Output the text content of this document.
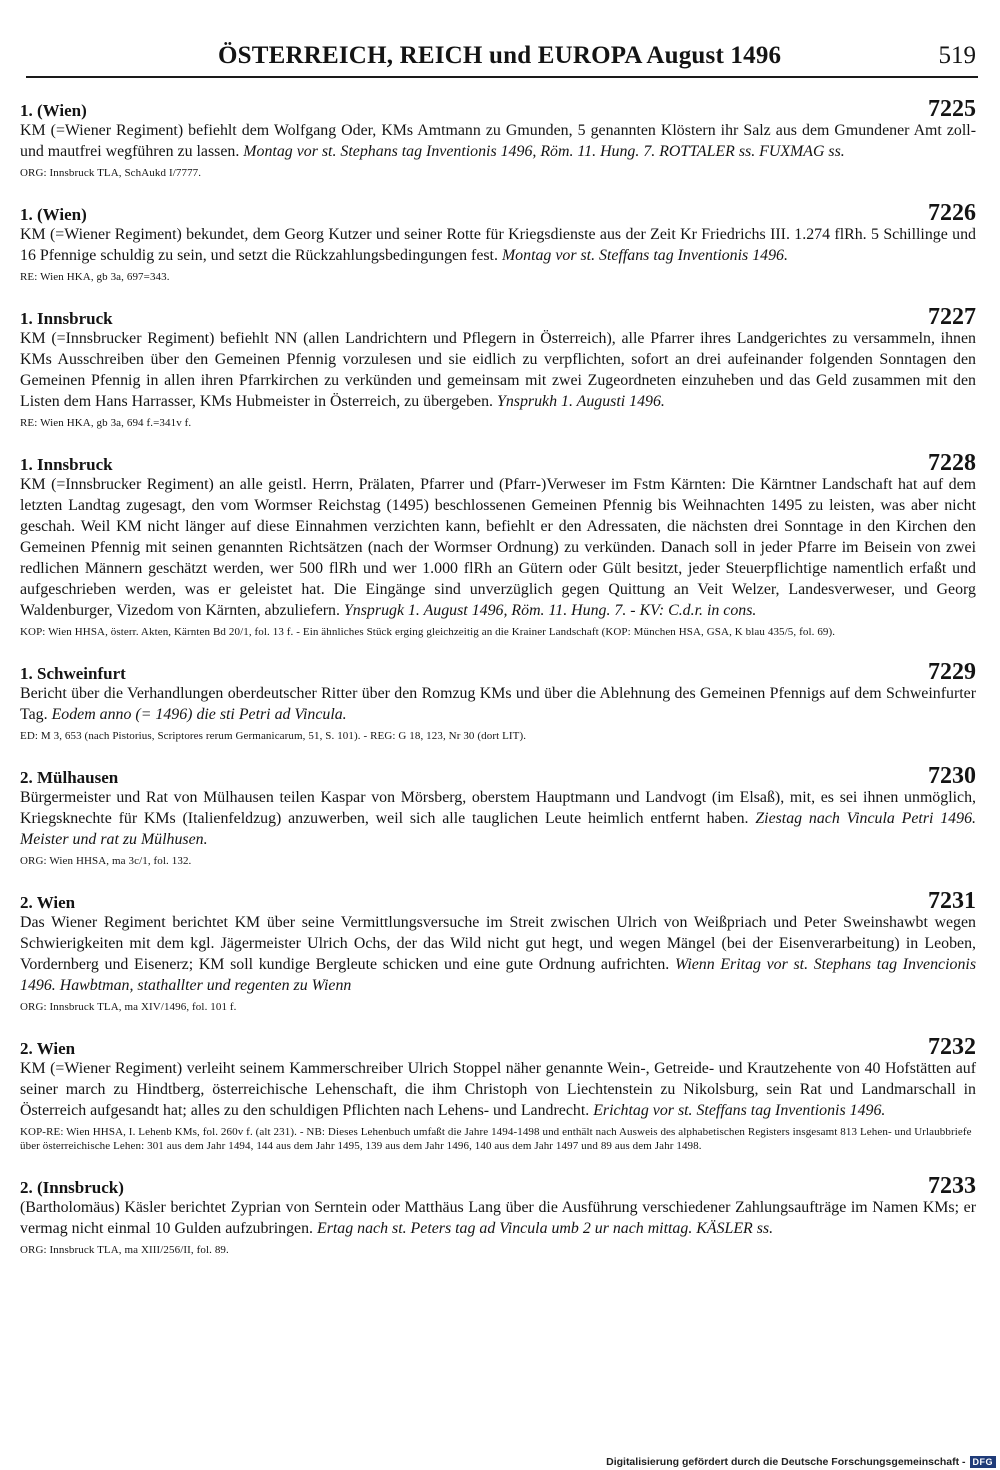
ÖSTERREICH, REICH und EUROPA August 1496	519
1. (Wien)	7225

KM (=Wiener Regiment) befiehlt dem Wolfgang Oder, KMs Amtmann zu Gmunden, 5 genannten Klöstern ihr Salz aus dem Gmundener Amt zoll- und mautfrei wegführen zu lassen. Montag vor st. Stephans tag Inventionis 1496, Röm. 11. Hung. 7. ROTTALER ss. FUXMAG ss.

ORG: Innsbruck TLA, SchAukd I/7777.
1. (Wien)	7226

KM (=Wiener Regiment) bekundet, dem Georg Kutzer und seiner Rotte für Kriegsdienste aus der Zeit Kr Friedrichs III. 1.274 flRh. 5 Schillinge und 16 Pfennige schuldig zu sein, und setzt die Rückzahlungsbedingungen fest. Montag vor st. Steffans tag Inventionis 1496.

RE: Wien HKA, gb 3a, 697=343.
1. Innsbruck	7227

KM (=Innsbrucker Regiment) befiehlt NN (allen Landrichtern und Pflegern in Österreich), alle Pfarrer ihres Landgerichtes zu versammeln, ihnen KMs Ausschreiben über den Gemeinen Pfennig vorzulesen und sie eidlich zu verpflichten, sofort an drei aufeinander folgenden Sonntagen den Gemeinen Pfennig in allen ihren Pfarrkirchen zu verkünden und gemeinsam mit zwei Zugeordneten einzuheben und das Geld zusammen mit den Listen dem Hans Harrasser, KMs Hubmeister in Österreich, zu übergeben. Ynsprukh 1. Augusti 1496.

RE: Wien HKA, gb 3a, 694 f.=341v f.
1. Innsbruck	7228

KM (=Innsbrucker Regiment) an alle geistl. Herrn, Prälaten, Pfarrer und (Pfarr-)Verweser im Fstm Kärnten: Die Kärntner Landschaft hat auf dem letzten Landtag zugesagt, den vom Wormser Reichstag (1495) beschlossenen Gemeinen Pfennig bis Weihnachten 1495 zu leisten, was aber nicht geschah. Weil KM nicht länger auf diese Einnahmen verzichten kann, befiehlt er den Adressaten, die nächsten drei Sonntage in den Kirchen den Gemeinen Pfennig mit seinen genannten Richtsätzen (nach der Wormser Ordnung) zu verkünden. Danach soll in jeder Pfarre im Beisein von zwei redlichen Männern geschätzt werden, wer 500 flRh und wer 1.000 flRh an Gütern oder Gült besitzt, jeder Steuerpflichtige namentlich erfaßt und aufgeschrieben werden, was er geleistet hat. Die Eingänge sind unverzüglich gegen Quittung an Veit Welzer, Landesverweser, und Georg Waldenburger, Vizedom von Kärnten, abzuliefern. Ynsprugk 1. August 1496, Röm. 11. Hung. 7. - KV: C.d.r. in cons.

KOP: Wien HHSA, österr. Akten, Kärnten Bd 20/1, fol. 13 f. - Ein ähnliches Stück erging gleichzeitig an die Krainer Landschaft (KOP: München HSA, GSA, K blau 435/5, fol. 69).
1. Schweinfurt	7229

Bericht über die Verhandlungen oberdeutscher Ritter über den Romzug KMs und über die Ablehnung des Gemeinen Pfennigs auf dem Schweinfurter Tag. Eodem anno (= 1496) die sti Petri ad Vincula.

ED: M 3, 653 (nach Pistorius, Scriptores rerum Germanicarum, 51, S. 101). - REG: G 18, 123, Nr 30 (dort LIT).
2. Mülhausen	7230

Bürgermeister und Rat von Mülhausen teilen Kaspar von Mörsberg, oberstem Hauptmann und Landvogt (im Elsaß), mit, es sei ihnen unmöglich, Kriegsknechte für KMs (Italienfeldzug) anzuwerben, weil sich alle tauglichen Leute heimlich entfernt haben. Ziestag nach Vincula Petri 1496. Meister und rat zu Mülhusen.

ORG: Wien HHSA, ma 3c/1, fol. 132.
2. Wien	7231

Das Wiener Regiment berichtet KM über seine Vermittlungsversuche im Streit zwischen Ulrich von Weißpriach und Peter Sweinshawbt wegen Schwierigkeiten mit dem kgl. Jägermeister Ulrich Ochs, der das Wild nicht gut hegt, und wegen Mängel (bei der Eisenverarbeitung) in Leoben, Vordernberg und Eisenerz; KM soll kundige Bergleute schicken und eine gute Ordnung aufrichten. Wienn Eritag vor st. Stephans tag Invencionis 1496. Hawbtman, stathallter und regenten zu Wienn

ORG: Innsbruck TLA, ma XIV/1496, fol. 101 f.
2. Wien	7232

KM (=Wiener Regiment) verleiht seinem Kammerschreiber Ulrich Stoppel näher genannte Wein-, Getreide- und Krautzehente von 40 Hofstätten auf seiner march zu Hindtberg, österreichische Lehenschaft, die ihm Christoph von Liechtenstein zu Nikolsburg, sein Rat und Landmarschall in Österreich aufgesandt hat; alles zu den schuldigen Pflichten nach Lehens- und Landrecht. Erichtag vor st. Steffans tag Inventionis 1496.

KOP-RE: Wien HHSA, I. Lehenb KMs, fol. 260v f. (alt 231). - NB: Dieses Lehenbuch umfaßt die Jahre 1494-1498 und enthält nach Ausweis des alphabetischen Registers insgesamt 813 Lehen- und Urlaubbriefe über österreichische Lehen: 301 aus dem Jahr 1494, 144 aus dem Jahr 1495, 139 aus dem Jahr 1496, 140 aus dem Jahr 1497 und 89 aus dem Jahr 1498.
2. (Innsbruck)	7233

(Bartholomäus) Käsler berichtet Zyprian von Serntein oder Matthäus Lang über die Ausführung verschiedener Zahlungsaufträge im Namen KMs; er vermag nicht einmal 10 Gulden aufzubringen. Ertag nach st. Peters tag ad Vincula umb 2 ur nach mittag. KÄSLER ss.

ORG: Innsbruck TLA, ma XIII/256/II, fol. 89.
Digitalisierung gefördert durch die Deutsche Forschungsgemeinschaft - DFG
